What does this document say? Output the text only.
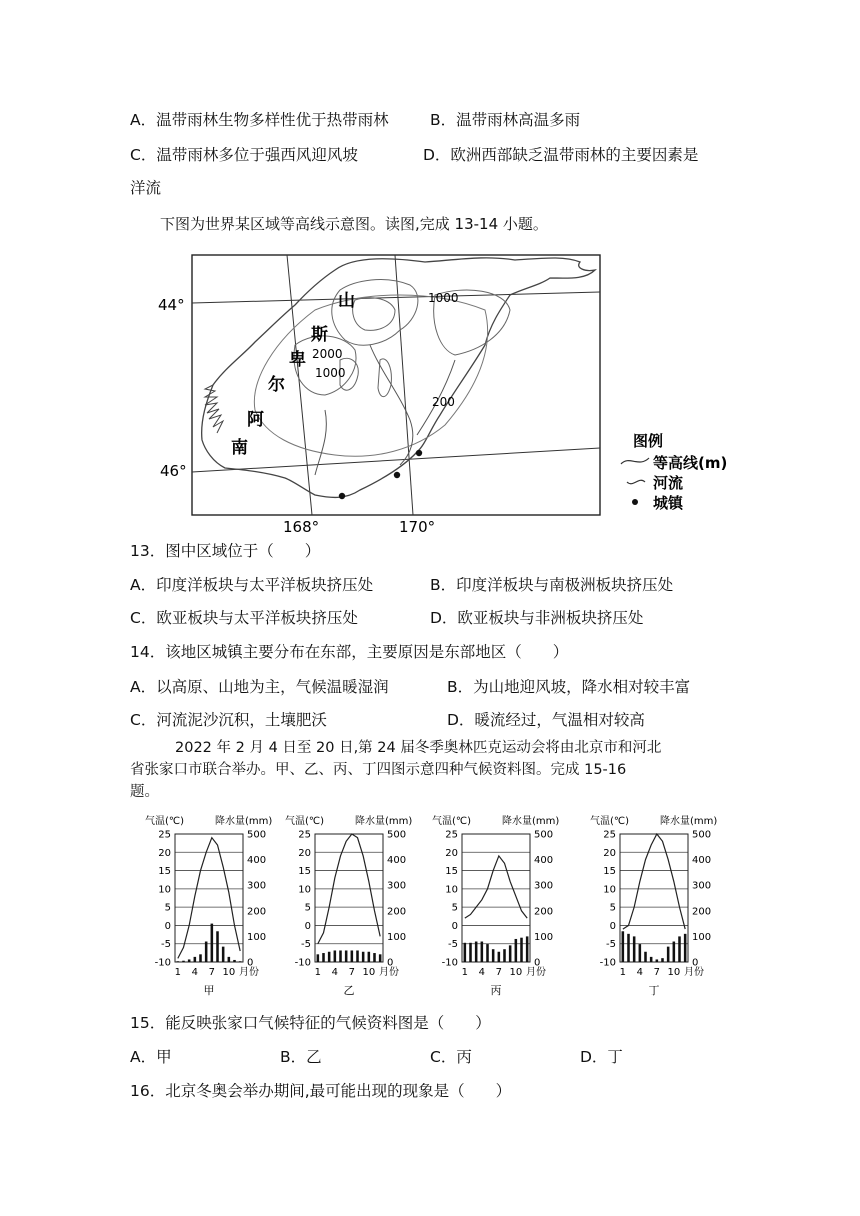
A．温带雨林生物多样性优于热带雨林	B．温带雨林高温多雨
C．温带雨林多位于强西风迎风坡	D．欧洲西部缺乏温带雨林的主要因素是
洋流
下图为世界某区域等高线示意图。读图,完成 13-14 小题。
44°
46°
168°	170°
山
斯
卑
尔
阿
南
1000
2000
1000
200
图例
等高线(m)
河流
城镇
13．图中区域位于（　　）
A．印度洋板块与太平洋板块挤压处	B．印度洋板块与南极洲板块挤压处
C．欧亚板块与太平洋板块挤压处	D．欧亚板块与非洲板块挤压处
14．该地区城镇主要分布在东部，主要原因是东部地区（　　）
A．以高原、山地为主，气候温暖湿润	B．为山地迎风坡，降水相对较丰富
C．河流泥沙沉积，土壤肥沃	D．暖流经过，气温相对较高
2022 年 2 月 4 日至 20 日,第 24 届冬季奥林匹克运动会将由北京市和河北
省张家口市联合举办。甲、乙、丙、丁四图示意四种气候资料图。完成 15-16
题。
气温(℃)	降水量(mm)
25
20
15
10
5
0
-5
-10
500
400
300
200
100
0
1 4 7 10 月份
甲
气温(℃)	降水量(mm)
25
20
15
10
5
0
-5
-10
500
400
300
200
100
0
1 4 7 10 月份
乙
气温(℃)	降水量(mm)
25
20
15
10
5
0
-5
-10
500
400
300
200
100
0
1 4 7 10 月份
丙
气温(℃)	降水量(mm)
25
20
15
10
5
0
-5
-10
500
400
300
200
100
0
1 4 7 10 月份
丁
15．能反映张家口气候特征的气候资料图是（　　）
A．甲	B．乙	C．丙	D．丁
16．北京冬奥会举办期间,最可能出现的现象是（　　）
